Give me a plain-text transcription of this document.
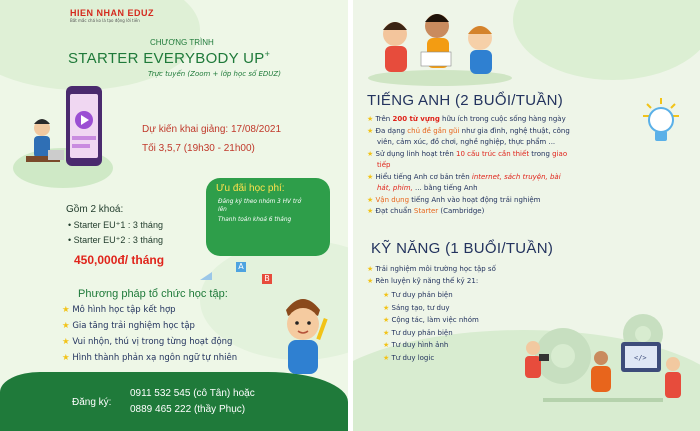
HIEN NHAN EDUZ
Bất mắc chá ko là tạo động lời tiền
CHƯƠNG TRÌNH
STARTER EVERYBODY UP+
Trực tuyến (Zoom + lớp học số EDUZ)
Dự kiến khai giảng: 17/08/2021
Tối 3,5,7 (19h30 - 21h00)
Ưu đãi học phí:
Đăng ký theo nhóm 3 HV trở lên
Thanh toán khoá 6 tháng
Gồm 2 khoá:
• Starter EU⁺1 : 3 tháng
• Starter EU⁺2 : 3 tháng
450,000đ/ tháng	A
B
Phương pháp tổ chức học tập:
★ Mô hình học tập kết hợp
★ Gia tăng trải nghiệm học tập
★ Vui nhộn, thú vị trong từng hoạt động
★ Hình thành phản xạ ngôn ngữ tự nhiên
Đăng ký:
0911 532 545 (cô Tân) hoặc
0889 465 222 (thầy Phục)
TIẾNG ANH (2 BUỔI/TUẦN)
★ Trên 200 từ vựng hữu ích trong cuộc sống hàng ngày
★ Đa dạng chủ đề gần gũi như gia đình, nghệ thuật, công
viên, cảm xúc, đồ chơi, nghề nghiệp, thực phẩm ...
★ Sử dụng linh hoạt trên 10 cấu trúc cần thiết trong giao
tiếp
★ Hiểu tiếng Anh cơ bản trên internet, sách truyện, bài
hát, phim, ... bằng tiếng Anh
★ Vận dụng tiếng Anh vào hoạt động trải nghiệm
★ Đạt chuẩn Starter (Cambridge)
KỸ NĂNG (1 BUỔI/TUẦN)
★ Trải nghiệm môi trường học tập số
★ Rèn luyện kỹ năng thế kỷ 21:
★ Tư duy phản biện
★ Sáng tạo, tư duy
★ Cộng tác, làm việc nhóm
★ Tư duy phản biện
★ Tư duy hình ảnh
★ Tư duy logic	</>
